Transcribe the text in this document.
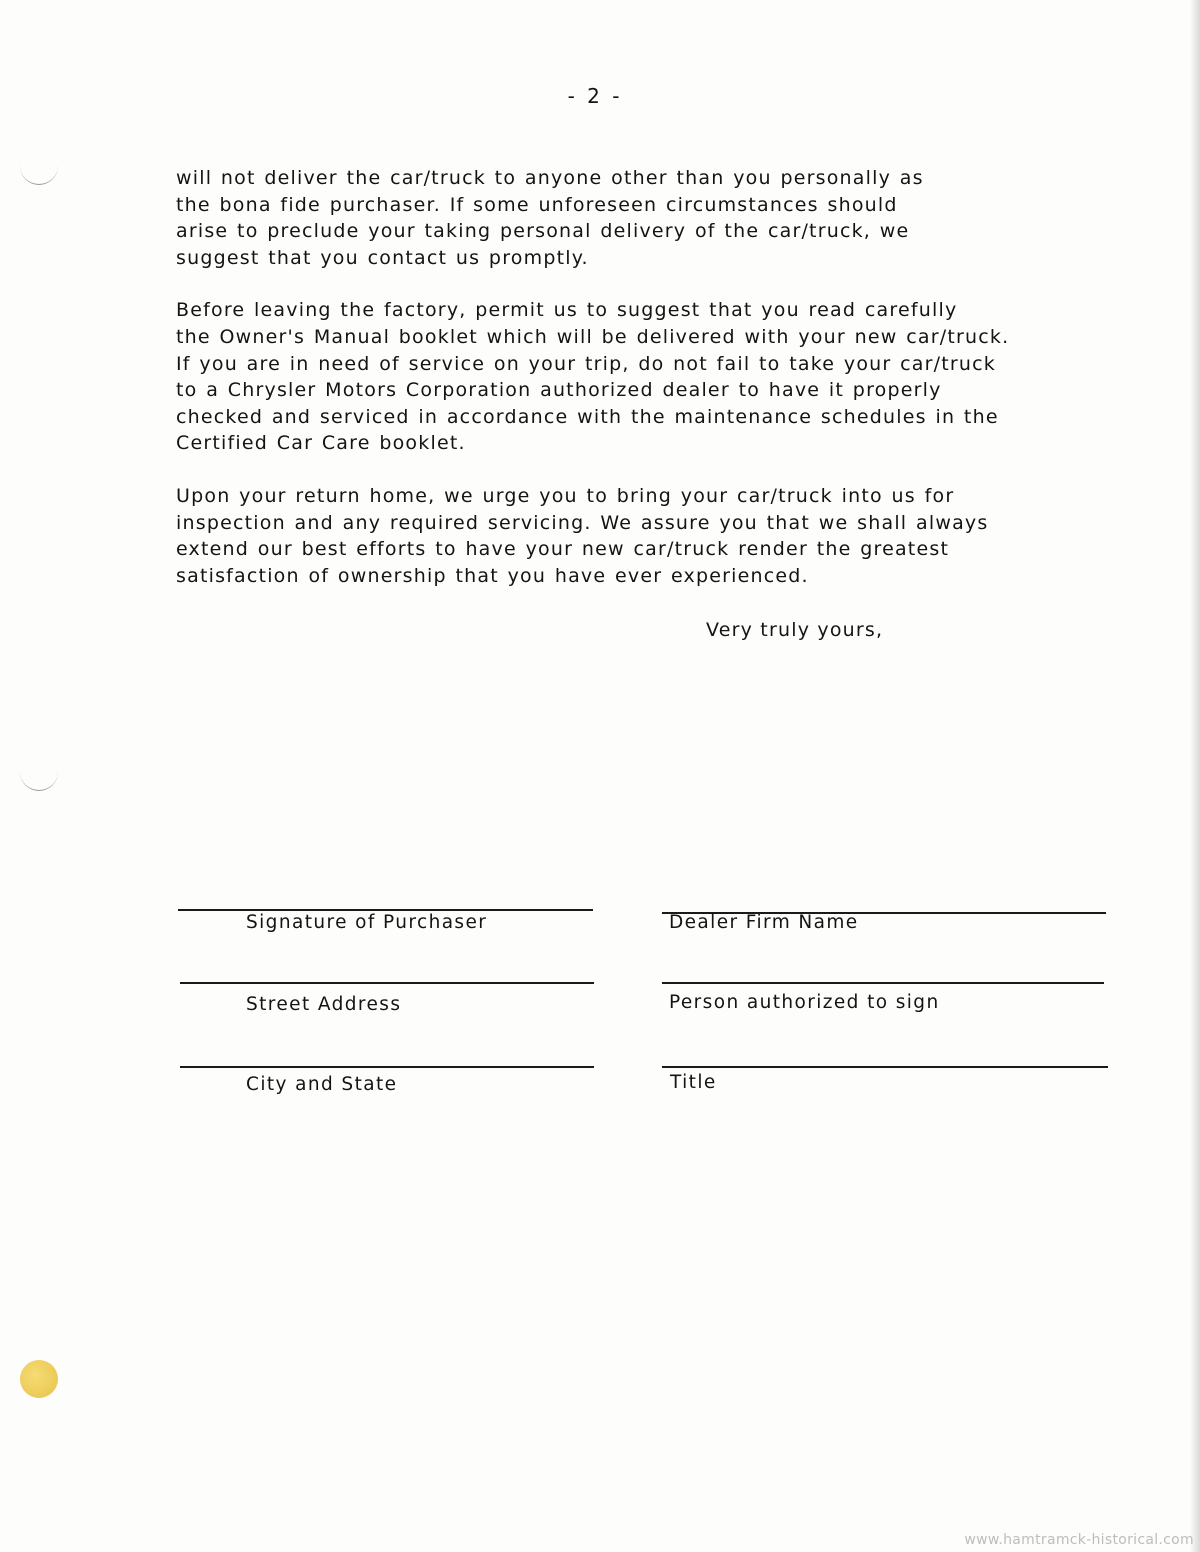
- 2 -

will not deliver the car/truck to anyone other than you personally as
the bona fide purchaser. If some unforeseen circumstances should
arise to preclude your taking personal delivery of the car/truck, we
suggest that you contact us promptly.

Before leaving the factory, permit us to suggest that you read carefully
the Owner's Manual booklet which will be delivered with your new car/truck.
If you are in need of service on your trip, do not fail to take your car/truck
to a Chrysler Motors Corporation authorized dealer to have it properly
checked and serviced in accordance with the maintenance schedules in the
Certified Car Care booklet.

Upon your return home, we urge you to bring your car/truck into us for
inspection and any required servicing. We assure you that we shall always
extend our best efforts to have your new car/truck render the greatest
satisfaction of ownership that you have ever experienced.

Very truly yours,
Signature of Purchaser
Street Address
City and State
Dealer Firm Name
Person authorized to sign
Title
www.hamtramck-historical.com
